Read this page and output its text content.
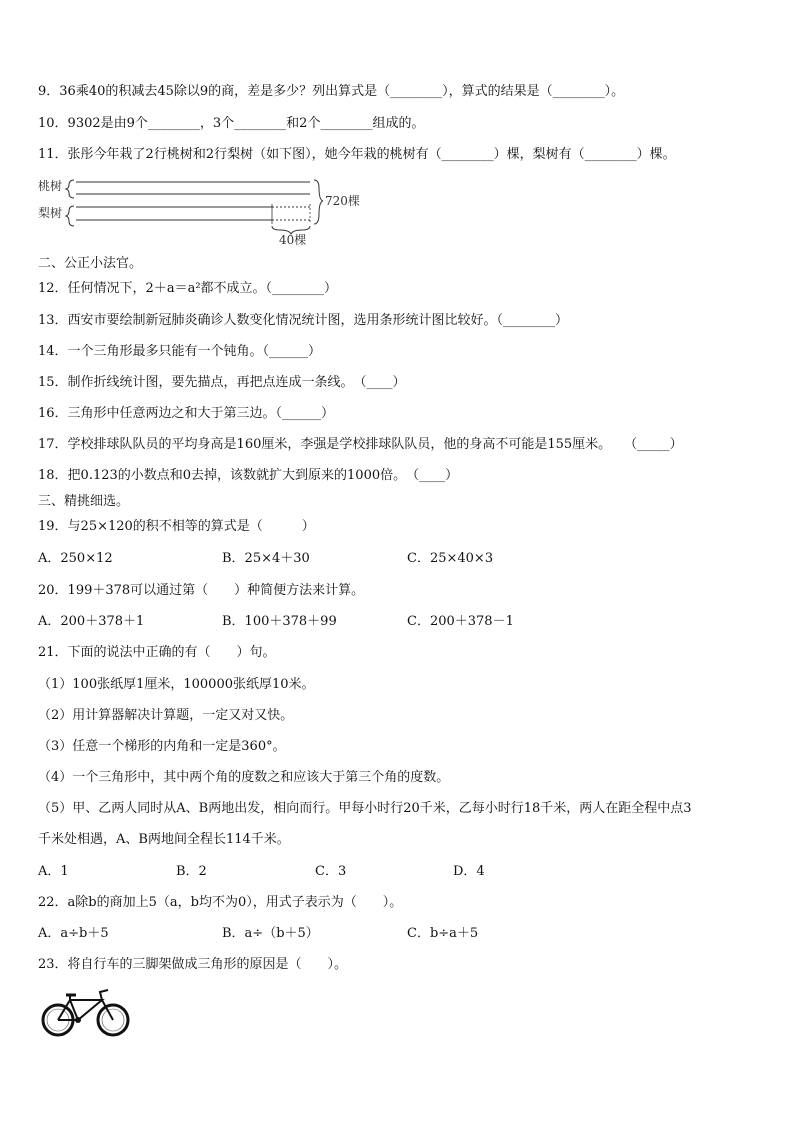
9．36乘40的积减去45除以9的商，差是多少？列出算式是（________），算式的结果是（________）。
10．9302是由9个________，3个________和2个________组成的。
11．张彤今年栽了2行桃树和2行梨树（如下图），她今年栽的桃树有（________）棵，梨树有（________）棵。
桃树
梨树
720棵
40棵
二、公正小法官。
12．任何情况下，2＋a＝a²都不成立。（________）
13．西安市要绘制新冠肺炎确诊人数变化情况统计图，选用条形统计图比较好。（________）
14．一个三角形最多只能有一个钝角。（______）
15．制作折线统计图，要先描点，再把点连成一条线。　（____）
16．三角形中任意两边之和大于第三边。（______）
17．学校排球队队员的平均身高是160厘米，李强是学校排球队队员，他的身高不可能是155厘米。　　（_____）
18．把0.123的小数点和0去掉，该数就扩大到原来的1000倍。　（____）
三、精挑细选。
19．与25×120的积不相等的算式是（　　　）
A．250×12	B．25×4＋30	C．25×40×3
20．199＋378可以通过第（　　）种简便方法来计算。
A．200＋378＋1	B．100＋378＋99	C．200＋378－1
21．下面的说法中正确的有（　　）句。
（1）100张纸厚1厘米，100000张纸厚10米。
（2）用计算器解决计算题，一定又对又快。
（3）任意一个梯形的内角和一定是360°。
（4）一个三角形中，其中两个角的度数之和应该大于第三个角的度数。
（5）甲、乙两人同时从A、B两地出发，相向而行。甲每小时行20千米，乙每小时行18千米，两人在距全程中点3
千米处相遇，A、B两地间全程长114千米。
A．1	B．2	C．3	D．4
22．a除b的商加上5（a，b均不为0），用式子表示为（　　）。
A．a÷b＋5	B．a÷（b＋5）	C．b÷a＋5
23．将自行车的三脚架做成三角形的原因是（　　）。
